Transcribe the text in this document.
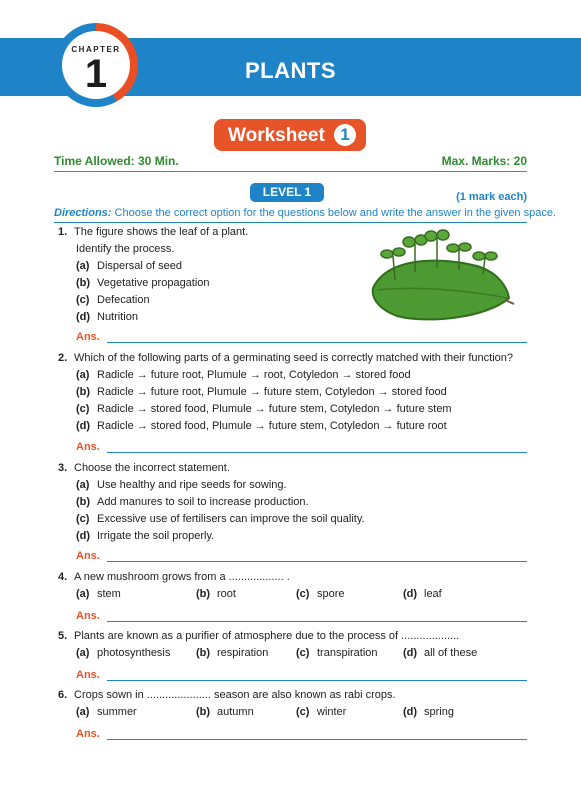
PLANTS
CHAPTER
1
Worksheet 1
Time Allowed: 30 Min.	Max. Marks: 20
LEVEL 1	(1 mark each)
Directions: Choose the correct option for the questions below and write the answer in the given space.
1. The figure shows the leaf of a plant.
Identify the process.
(a) Dispersal of seed
(b) Vegetative propagation
(c) Defecation
(d) Nutrition
Ans.
2. Which of the following parts of a germinating seed is correctly matched with their function?
(a) Radicle → future root, Plumule → root, Cotyledon → stored food
(b) Radicle → future root, Plumule → future stem, Cotyledon → stored food
(c) Radicle → stored food, Plumule → future stem, Cotyledon → future stem
(d) Radicle → stored food, Plumule → future stem, Cotyledon → future root
Ans.
3. Choose the incorrect statement.
(a) Use healthy and ripe seeds for sowing.
(b) Add manures to soil to increase production.
(c) Excessive use of fertilisers can improve the soil quality.
(d) Irrigate the soil properly.
Ans.
4. A new mushroom grows from a .................. .
(a) stem	(b) root	(c) spore	(d) leaf
Ans.
5. Plants are known as a purifier of atmosphere due to the process of ...................
(a) photosynthesis (b) respiration	(c) transpiration (d) all of these
Ans.
6. Crops sown in ..................... season are also known as rabi crops.
(a) summer	(b) autumn	(c) winter	(d) spring
Ans.
